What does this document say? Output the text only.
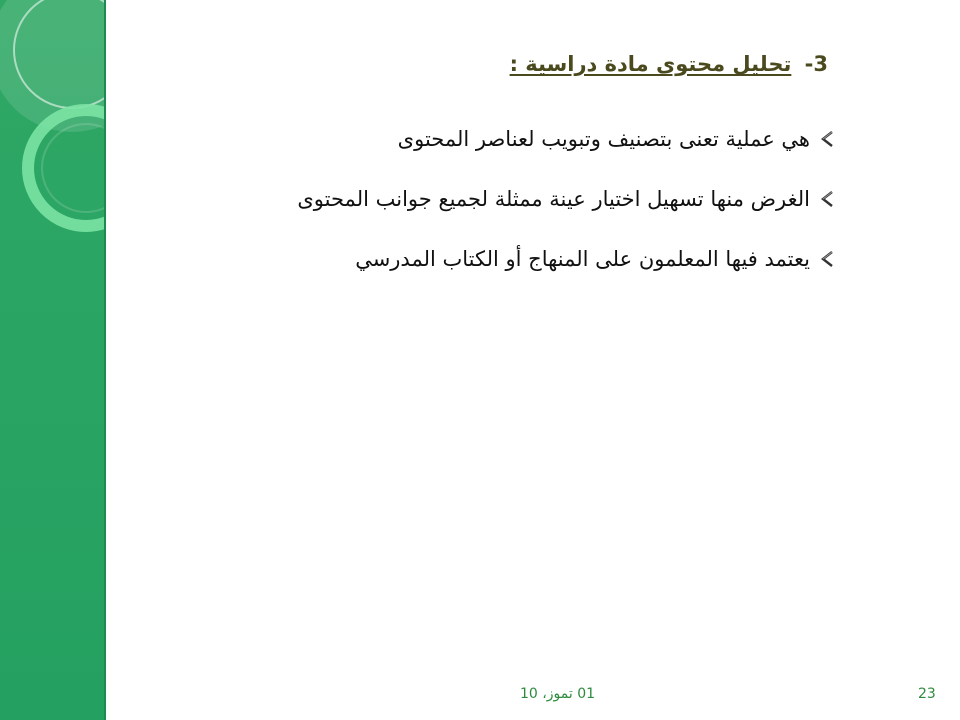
3- تحليل محتوى مادة دراسية :
هي عملية تعنى بتصنيف وتبويب لعناصر المحتوى
الغرض منها تسهيل اختيار عينة ممثلة لجميع جوانب المحتوى
يعتمد فيها المعلمون على المنهاج أو الكتاب المدرسي
01 تموز، 10	23
